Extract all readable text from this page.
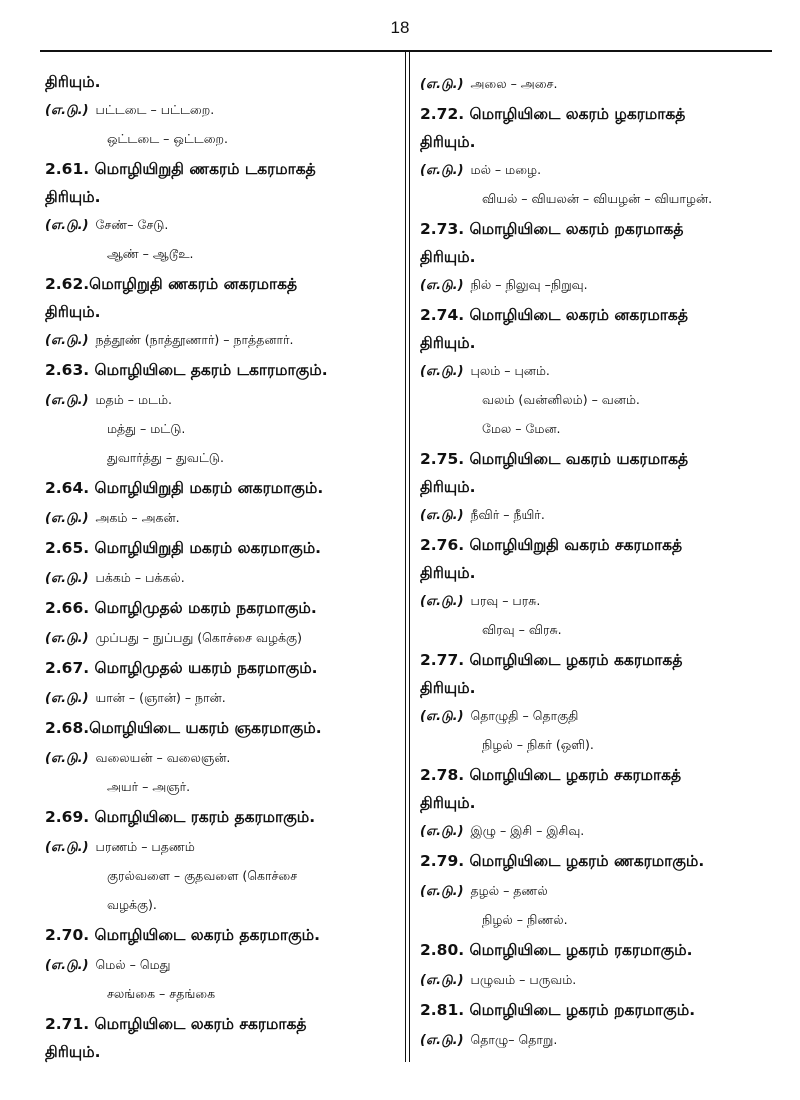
18
திரியும்.
(எ.டு.) பட்டடை – பட்டறை.
ஒட்டடை – ஒட்டறை.
2.61. மொழியிறுதி ணகரம் டகரமாகத்
திரியும்.
(எ.டு.) சேண்– சேடு.
ஆண் – ஆடூஉ.
2.62.மொழிறுதி ணகரம் னகரமாகத்
திரியும்.
(எ.டு.) நத்தூண் (நாத்தூணார்) – நாத்தனார்.
2.63. மொழியிடை தகரம் டகாரமாகும்.
(எ.டு.) மதம் – மடம்.
மத்து – மட்டு.
துவார்த்து – துவட்டு.
2.64. மொழியிறுதி மகரம் னகரமாகும்.
(எ.டு.) அகம் – அகன்.
2.65. மொழியிறுதி மகரம் லகரமாகும்.
(எ.டு.) பக்கம் – பக்கல்.
2.66. மொழிமுதல் மகரம் நகரமாகும்.
(எ.டு.) முப்பது – நுப்பது (கொச்சை வழக்கு)
2.67. மொழிமுதல் யகரம் நகரமாகும்.
(எ.டு.) யான் – (ஞான்) – நான்.
2.68.மொழியிடை யகரம் ஞகரமாகும்.
(எ.டு.) வலையன் – வலைஞன்.
அயர் – அஞர்.
2.69. மொழியிடை ரகரம் தகரமாகும்.
(எ.டு.) பரணம் – பதணம்
குரல்வளை – குதவளை (கொச்சை
வழக்கு).
2.70. மொழியிடை லகரம் தகரமாகும்.
(எ.டு.) மெல் – மெது
சலங்கை – சதங்கை
2.71. மொழியிடை லகரம் சகரமாகத்
திரியும்.
(எ.டு.) அலை – அசை.
2.72. மொழியிடை லகரம் ழகரமாகத்
திரியும்.
(எ.டு.) மல் – மழை.
வியல் – வியலன் – வியழன் – வியாழன்.
2.73. மொழியிடை லகரம் றகரமாகத்
திரியும்.
(எ.டு.) நில் – நிலுவு –நிறுவு.
2.74. மொழியிடை லகரம் னகரமாகத்
திரியும்.
(எ.டு.) புலம் – புனம்.
வலம் (வன்னிலம்) – வனம்.
மேல – மேன.
2.75. மொழியிடை வகரம் யகரமாகத்
திரியும்.
(எ.டு.) நீவிர் – நீயிர்.
2.76. மொழியிறுதி வகரம் சகரமாகத்
திரியும்.
(எ.டு.) பரவு – பரசு.
விரவு – விரசு.
2.77. மொழியிடை ழகரம் ககரமாகத்
திரியும்.
(எ.டு.) தொழுதி – தொகுதி
நிழல் – நிகர் (ஒளி).
2.78. மொழியிடை ழகரம் சகரமாகத்
திரியும்.
(எ.டு.) இழு – இசி – இசிவு.
2.79. மொழியிடை ழகரம் ணகரமாகும்.
(எ.டு.) தழல் – தணல்
நிழல் – நிணல்.
2.80. மொழியிடை ழகரம் ரகரமாகும்.
(எ.டு.) பழுவம் – பருவம்.
2.81. மொழியிடை ழகரம் றகரமாகும்.
(எ.டு.) தொழு– தொறு.
